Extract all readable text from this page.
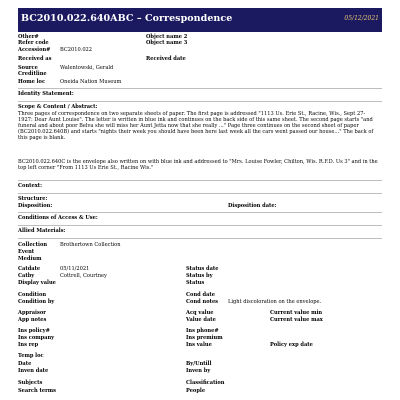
BC2010.022.640ABC – Correspondence	05/12/2021
Other#	Object name 2
Refer code	Object name 3
Accession# BC2010.022
Received as	Received date
Source	Walentowski, Gerald
Creditline
Home loc	Oneida Nation Museum
Identity Statement:
Scope & Content / Abstract:
Three pages of correspondence on two separate sheets of paper. The first page is addressed "1113 Us. Erie St., Racine, Wis., Sept 27-1927: Dear Aunt Louise". The letter is written in blue ink and continues on the back side of this same sheet. The second page starts "and funeral and about poor Belva she will miss her Aunt Jetta now that she really ..." Page three continues on the second sheet of paper (BC2010.022.640B) and starts "nights their week you should have been here last week all the cars went passed our house..." The back of this page is blank.
BC2010.022.640C is the envelope also written on with blue ink and addressed to "Mrs. Louise Fowler, Chilton, Wis. R.F.D. Us 3" and in the top left corner "From 1113 Us Erie St., Racine Wis."
Context:
Structure:
Disposition:	Disposition date:
Conditions of Access & Use:
Allied Materials:
Collection	Brothertown Collection
Event
Medium
Catdate	05/11/2021	Status date
Catby	Cottrell, Courtney	Status by
Display value	Status
Condition	Cond date
Condition by	Cond notes Light discoloration on the envelope.
Appraisor	Acq value	Current value min
App notes	Value date	Current value max
Ins policy#	Ins phone#
Ins company	Ins premium
Ins rep	Ins value	Policy exp date
Temp loc
Date	By/Untill
Inven date	Inven by
Subjects	Classification
Search terms	People
